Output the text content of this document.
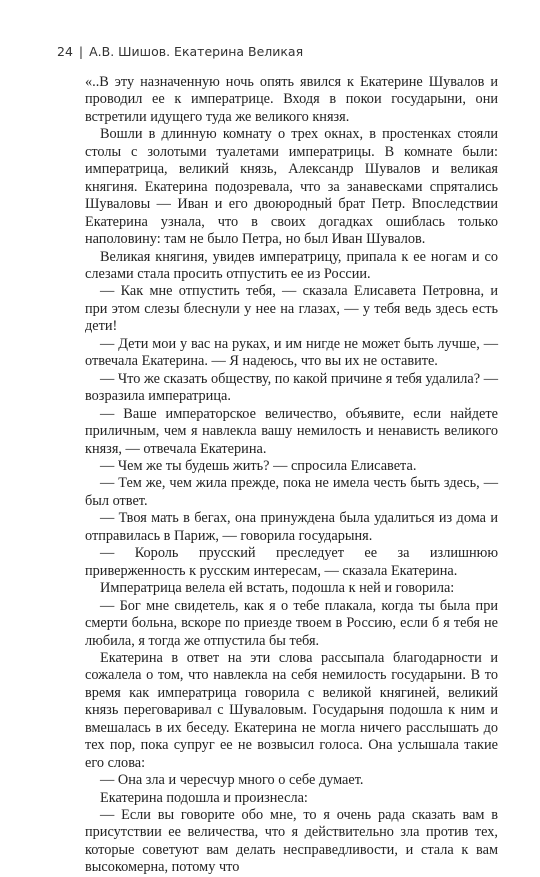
24 | А.В. Шишов. Екатерина Великая

«..В эту назначенную ночь опять явился к Екатерине Шувалов и проводил ее к императрице. Входя в покои государыни, они встретили идущего туда же великого князя.

Вошли в длинную комнату о трех окнах, в простенках стояли столы с золотыми туалетами императрицы. В комнате были: императрица, великий князь, Александр Шувалов и великая княгиня. Екатерина подозревала, что за занавесками спрятались Шуваловы — Иван и его двоюродный брат Петр. Впоследствии Екатерина узнала, что в своих догадках ошиблась только наполовину: там не было Петра, но был Иван Шувалов.

Великая княгиня, увидев императрицу, припала к ее ногам и со слезами стала просить отпустить ее из России.

— Как мне отпустить тебя, — сказала Елисавета Петровна, и при этом слезы блеснули у нее на глазах, — у тебя ведь здесь есть дети!

— Дети мои у вас на руках, и им нигде не может быть лучше, — отвечала Екатерина. — Я надеюсь, что вы их не оставите.

— Что же сказать обществу, по какой причине я тебя удалила? — возразила императрица.

— Ваше императорское величество, объявите, если найдете приличным, чем я навлекла вашу немилость и ненависть великого князя, — отвечала Екатерина.

— Чем же ты будешь жить? — спросила Елисавета.

— Тем же, чем жила прежде, пока не имела честь быть здесь, — был ответ.

— Твоя мать в бегах, она принуждена была удалиться из дома и отправилась в Париж, — говорила государыня.

— Король прусский преследует ее за излишнюю приверженность к русским интересам, — сказала Екатерина.

Императрица велела ей встать, подошла к ней и говорила:

— Бог мне свидетель, как я о тебе плакала, когда ты была при смерти больна, вскоре по приезде твоем в Россию, если б я тебя не любила, я тогда же отпустила бы тебя.

Екатерина в ответ на эти слова рассыпала благодарности и сожалела о том, что навлекла на себя немилость государыни. В то время как императрица говорила с великой княгиней, великий князь переговаривал с Шуваловым. Государыня подошла к ним и вмешалась в их беседу. Екатерина не могла ничего расслышать до тех пор, пока супруг ее не возвысил голоса. Она услышала такие его слова:

— Она зла и чересчур много о себе думает.

Екатерина подошла и произнесла:

— Если вы говорите обо мне, то я очень рада сказать вам в присутствии ее величества, что я действительно зла против тех, которые советуют вам делать несправедливости, и стала к вам высокомерна, потому что
